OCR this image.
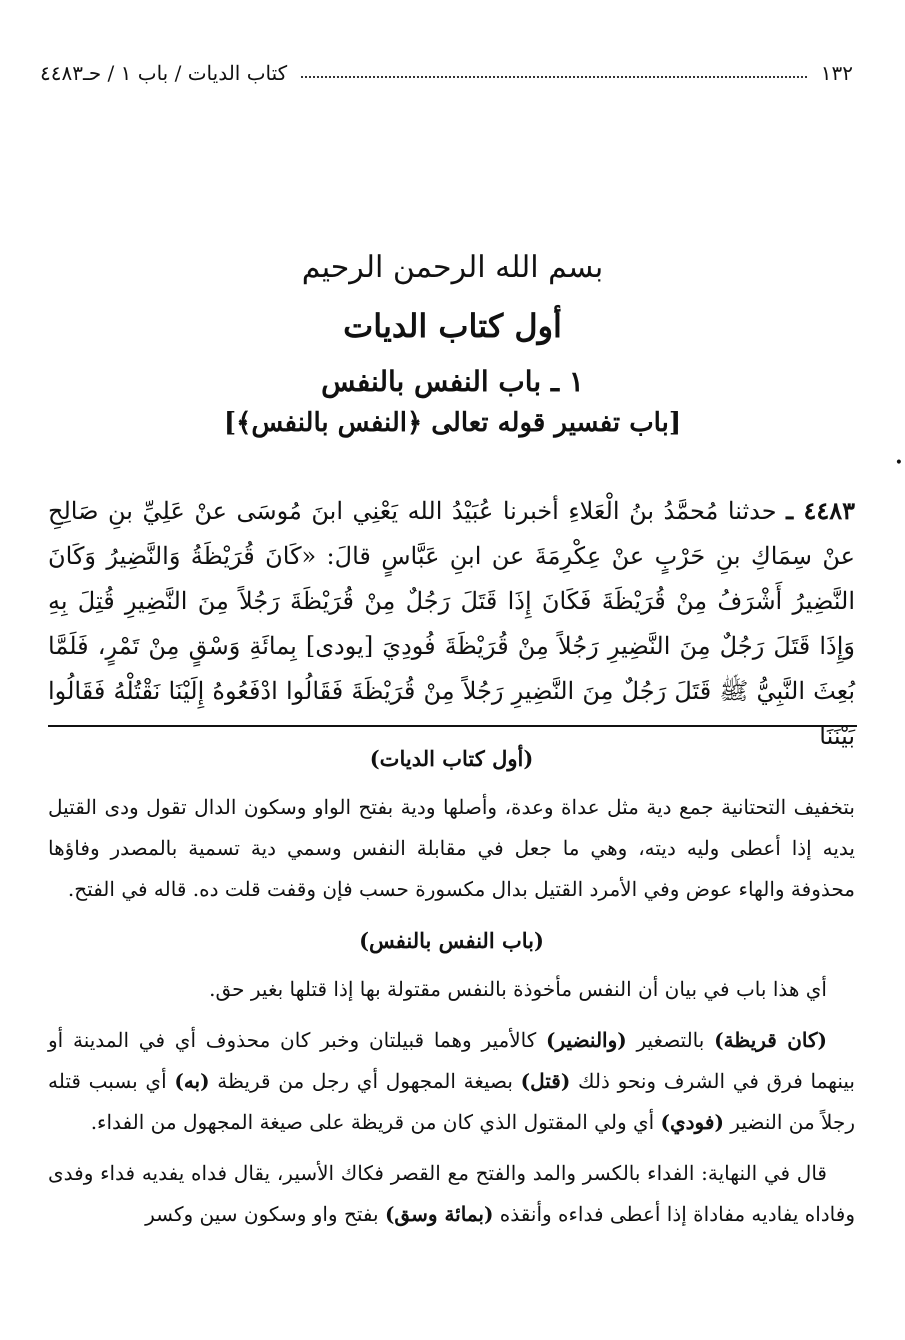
١٣٢
كتاب الديات / باب ١ / حـ٤٤٨٣
•
بسم الله الرحمن الرحيم
أول كتاب الديات
١ ـ باب النفس بالنفس
[باب تفسير قوله تعالى ﴿النفس بالنفس﴾]
٤٤٨٣ ـ حدثنا مُحمَّدُ بنُ الْعَلاءِ أخبرنا عُبَيْدُ الله يَعْنِي ابنَ مُوسَى عنْ عَلِيِّ بنِ صَالِحِ عنْ سِمَاكِ بنِ حَرْبٍ عنْ عِكْرِمَةَ عن ابنِ عَبَّاسٍ قالَ: «كَانَ قُرَيْظَةُ وَالنَّضِيرُ وَكَانَ النَّضِيرُ أَشْرَفُ مِنْ قُرَيْظَةَ فَكَانَ إِذَا قَتَلَ رَجُلٌ مِنْ قُرَيْظَةَ رَجُلاً مِنَ النَّضِيرِ قُتِلَ بِهِ وَإِذَا قَتَلَ رَجُلٌ مِنَ النَّضِيرِ رَجُلاً مِنْ قُرَيْظَةَ فُودِيَ [يودى] بِمائَةِ وَسْقٍ مِنْ تَمْرٍ، فَلَمَّا بُعِثَ النَّبِيُّ ﷺ قَتَلَ رَجُلٌ مِنَ النَّضِيرِ رَجُلاً مِنْ قُرَيْظَةَ فَقَالُوا ادْفَعُوهُ إِلَيْنَا نَقْتُلْهُ فَقَالُوا بَيْنَنَا
(أول كتاب الديات)

بتخفيف التحتانية جمع دية مثل عداة وعدة، وأصلها ودية بفتح الواو وسكون الدال تقول ودى القتيل يديه إذا أعطى وليه ديته، وهي ما جعل في مقابلة النفس وسمي دية تسمية بالمصدر وفاؤها محذوفة والهاء عوض وفي الأمرد القتيل بدال مكسورة حسب فإن وقفت قلت ده. قاله في الفتح.

(باب النفس بالنفس)

أي هذا باب في بيان أن النفس مأخوذة بالنفس مقتولة بها إذا قتلها بغير حق.

(كان قريظة) بالتصغير (والنضير) كالأمير وهما قبيلتان وخبر كان محذوف أي في المدينة أو بينهما فرق في الشرف ونحو ذلك (قتل) بصيغة المجهول أي رجل من قريظة (به) أي بسبب قتله رجلاً من النضير (فودي) أي ولي المقتول الذي كان من قريظة على صيغة المجهول من الفداء.

قال في النهاية: الفداء بالكسر والمد والفتح مع القصر فكاك الأسير، يقال فداه يفديه فداء وفدى وفاداه يفاديه مفاداة إذا أعطى فداءه وأنقذه (بمائة وسق) بفتح واو وسكون سين وكسر
